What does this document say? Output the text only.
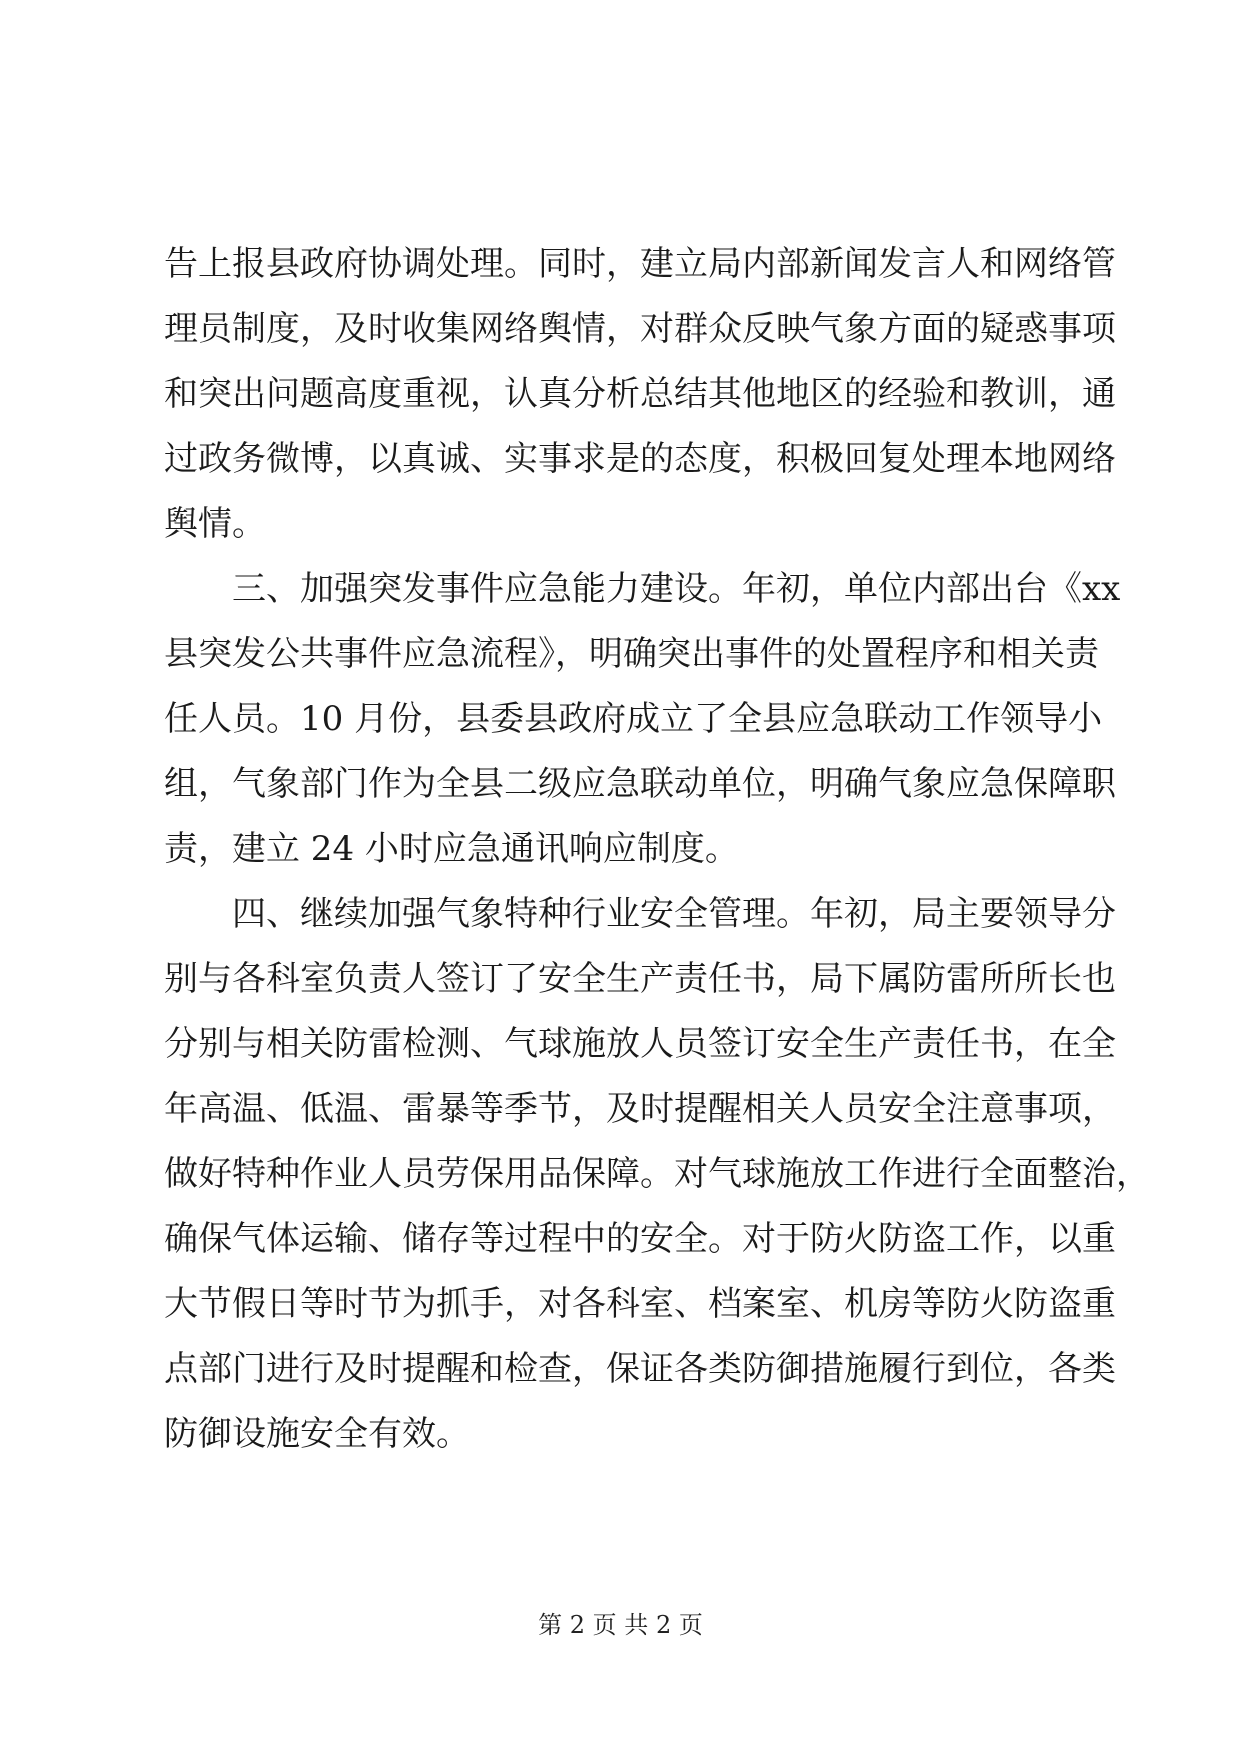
告上报县政府协调处理。同时，建立局内部新闻发言人和网络管
理员制度，及时收集网络舆情，对群众反映气象方面的疑惑事项
和突出问题高度重视，认真分析总结其他地区的经验和教训，通
过政务微博，以真诚、实事求是的态度，积极回复处理本地网络
舆情。
三、加强突发事件应急能力建设。年初，单位内部出台《xx
县突发公共事件应急流程》，明确突出事件的处置程序和相关责
任人员。10 月份，县委县政府成立了全县应急联动工作领导小
组，气象部门作为全县二级应急联动单位，明确气象应急保障职
责，建立 24 小时应急通讯响应制度。
四、继续加强气象特种行业安全管理。年初，局主要领导分
别与各科室负责人签订了安全生产责任书，局下属防雷所所长也
分别与相关防雷检测、气球施放人员签订安全生产责任书，在全
年高温、低温、雷暴等季节，及时提醒相关人员安全注意事项，
做好特种作业人员劳保用品保障。对气球施放工作进行全面整治，
确保气体运输、储存等过程中的安全。对于防火防盗工作，以重
大节假日等时节为抓手，对各科室、档案室、机房等防火防盗重
点部门进行及时提醒和检查，保证各类防御措施履行到位，各类
防御设施安全有效。
第 2 页 共 2 页
